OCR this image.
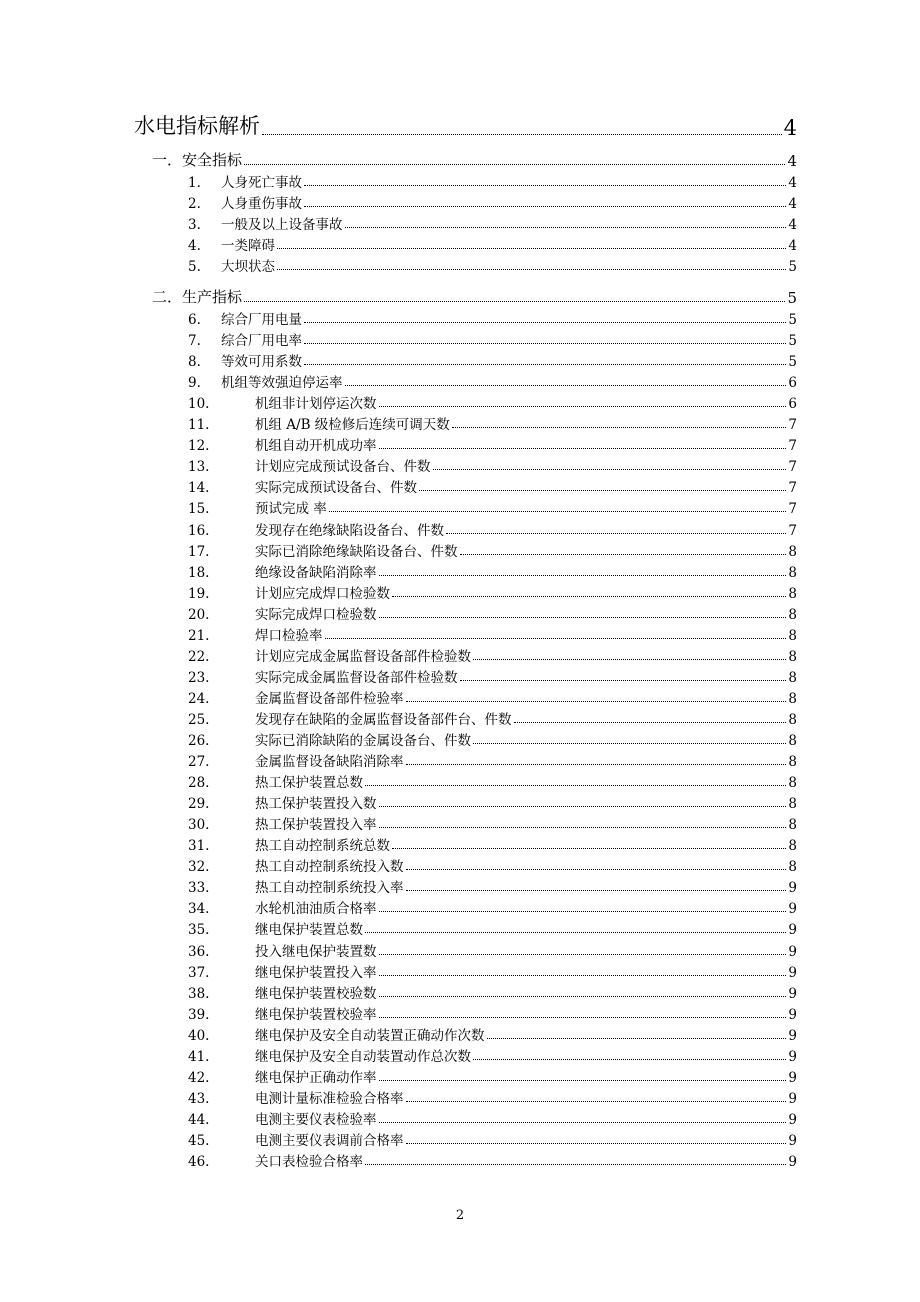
水电指标解析	4
一． 安全指标	4
1.	人身死亡事故	4
2.	人身重伤事故	4
3.	一般及以上设备事故	4
4.	一类障碍	4
5.	大坝状态	5
二． 生产指标	5
6.	综合厂用电量	5
7.	综合厂用电率	5
8.	等效可用系数	5
9.	机组等效强迫停运率	6
10.	机组非计划停运次数	6
11.	机组 A/B 级检修后连续可调天数	7
12.	机组自动开机成功率	7
13.	计划应完成预试设备台、件数	7
14.	实际完成预试设备台、件数	7
15.	预试完成 率	7
16.	发现存在绝缘缺陷设备台、件数	7
17.	实际已消除绝缘缺陷设备台、件数	8
18.	绝缘设备缺陷消除率	8
19.	计划应完成焊口检验数	8
20.	实际完成焊口检验数	8
21.	焊口检验率	8
22.	计划应完成金属监督设备部件检验数	8
23.	实际完成金属监督设备部件检验数	8
24.	金属监督设备部件检验率	8
25.	发现存在缺陷的金属监督设备部件台、件数	8
26.	实际已消除缺陷的金属设备台、件数	8
27.	金属监督设备缺陷消除率	8
28.	热工保护装置总数	8
29.	热工保护装置投入数	8
30.	热工保护装置投入率	8
31.	热工自动控制系统总数	8
32.	热工自动控制系统投入数	8
33.	热工自动控制系统投入率	9
34.	水轮机油油质合格率	9
35.	继电保护装置总数	9
36.	投入继电保护装置数	9
37.	继电保护装置投入率	9
38.	继电保护装置校验数	9
39.	继电保护装置校验率	9
40.	继电保护及安全自动装置正确动作次数	9
41.	继电保护及安全自动装置动作总次数	9
42.	继电保护正确动作率	9
43.	电测计量标准检验合格率	9
44.	电测主要仪表检验率	9
45.	电测主要仪表调前合格率	9
46.	关口表检验合格率	9
2
